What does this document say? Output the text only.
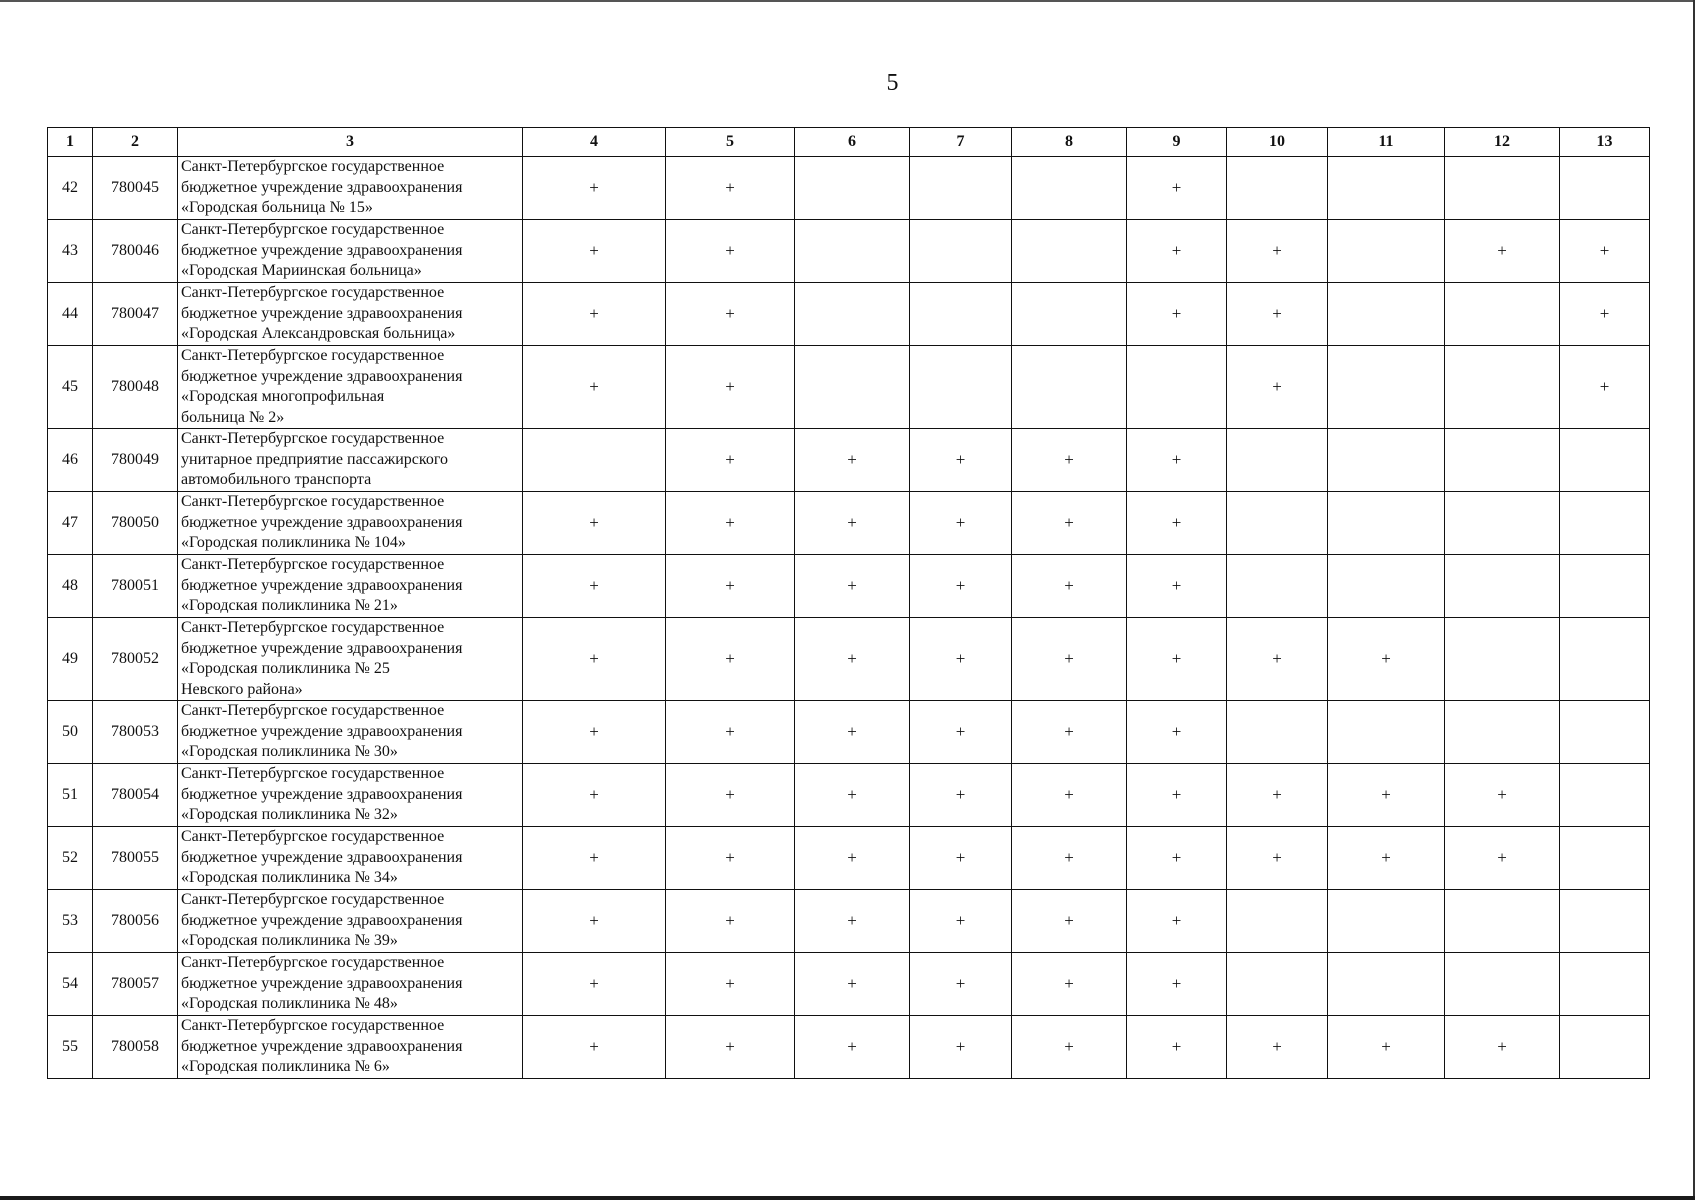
5
1	2	3	4	5	6	7	8	9	10	11	12	13
42	780045	Санкт-Петербургское государственное
бюджетное учреждение здравоохранения
«Городская больница № 15»	+	+				+				
43	780046	Санкт-Петербургское государственное
бюджетное учреждение здравоохранения
«Городская Мариинская больница»	+	+				+	+		+	+
44	780047	Санкт-Петербургское государственное
бюджетное учреждение здравоохранения
«Городская Александровская больница»	+	+				+	+			+
45	780048	Санкт-Петербургское государственное
бюджетное учреждение здравоохранения
«Городская многопрофильная
больница № 2»	+	+					+			+
46	780049	Санкт-Петербургское государственное
унитарное предприятие пассажирского
автомобильного транспорта		+	+	+	+	+				
47	780050	Санкт-Петербургское государственное
бюджетное учреждение здравоохранения
«Городская поликлиника № 104»	+	+	+	+	+	+				
48	780051	Санкт-Петербургское государственное
бюджетное учреждение здравоохранения
«Городская поликлиника № 21»	+	+	+	+	+	+				
49	780052	Санкт-Петербургское государственное
бюджетное учреждение здравоохранения
«Городская поликлиника № 25
Невского района»	+	+	+	+	+	+	+	+		
50	780053	Санкт-Петербургское государственное
бюджетное учреждение здравоохранения
«Городская поликлиника № 30»	+	+	+	+	+	+				
51	780054	Санкт-Петербургское государственное
бюджетное учреждение здравоохранения
«Городская поликлиника № 32»	+	+	+	+	+	+	+	+	+	
52	780055	Санкт-Петербургское государственное
бюджетное учреждение здравоохранения
«Городская поликлиника № 34»	+	+	+	+	+	+	+	+	+	
53	780056	Санкт-Петербургское государственное
бюджетное учреждение здравоохранения
«Городская поликлиника № 39»	+	+	+	+	+	+				
54	780057	Санкт-Петербургское государственное
бюджетное учреждение здравоохранения
«Городская поликлиника № 48»	+	+	+	+	+	+				
55	780058	Санкт-Петербургское государственное
бюджетное учреждение здравоохранения
«Городская поликлиника № 6»	+	+	+	+	+	+	+	+	+	
